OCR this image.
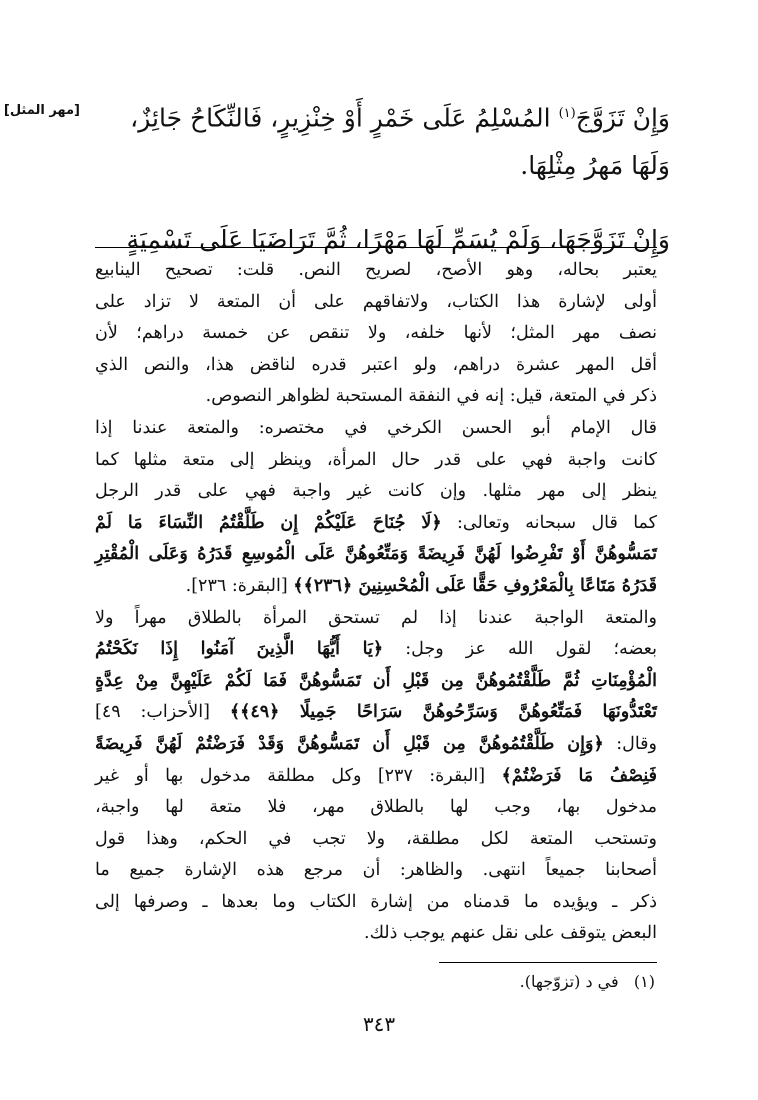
[مهر المثل]	وَإِنْ تَزَوَّجَ$^{(١)}$ المُسْلِمُ عَلَى خَمْرٍ أَوْ خِنْزِيرٍ، فَالنِّكَاحُ جَائِزٌ،
وَلَهَا مَهرُ مِثْلِهَا.
وَإِنْ تَزَوَّجَهَا، وَلَمْ يُسَمِّ لَهَا مَهْرًا، ثُمَّ تَرَاضَيَا عَلَى تَسْمِيَةٍ
يعتبر بحاله، وهو الأصح، لصريح النص. قلت: تصحيح الينابيع
أولى لإشارة هذا الكتاب، ولاتفاقهم على أن المتعة لا تزاد على
نصف مهر المثل؛ لأنها خلفه، ولا تنقص عن خمسة دراهم؛ لأن
أقل المهر عشرة دراهم، ولو اعتبر قدره لناقض هذا، والنص الذي
ذكر في المتعة، قيل: إنه في النفقة المستحبة لظواهر النصوص.
قال الإمام أبو الحسن الكرخي في مختصره: والمتعة عندنا إذا
كانت واجبة فهي على قدر حال المرأة، وينظر إلى متعة مثلها كما
ينظر إلى مهر مثلها. وإن كانت غير واجبة فهي على قدر الرجل
كما قال سبحانه وتعالى: ﴿لَا جُنَاحَ عَلَيْكُمْ إِن طَلَّقْتُمُ النِّسَاءَ مَا لَمْ
تَمَسُّوهُنَّ أَوْ تَفْرِضُوا لَهُنَّ فَرِيضَةً وَمَتِّعُوهُنَّ عَلَى الْمُوسِعِ قَدَرُهُ وَعَلَى الْمُقْتِرِ
قَدَرُهُ مَتَاعًا بِالْمَعْرُوفِ حَقًّا عَلَى الْمُحْسِنِينَ ﴿٢٣٦﴾﴾ [البقرة: ٢٣٦].
والمتعة الواجبة عندنا إذا لم تستحق المرأة بالطلاق مهراً ولا
بعضه؛ لقول الله عز وجل: ﴿يَا أَيُّهَا الَّذِينَ آمَنُوا إِذَا نَكَحْتُمُ
الْمُؤْمِنَاتِ ثُمَّ طَلَّقْتُمُوهُنَّ مِن قَبْلِ أَن تَمَسُّوهُنَّ فَمَا لَكُمْ عَلَيْهِنَّ مِنْ عِدَّةٍ
تَعْتَدُّونَهَا فَمَتِّعُوهُنَّ وَسَرِّحُوهُنَّ سَرَاحًا جَمِيلًا ﴿٤٩﴾﴾ [الأحزاب: ٤٩]
وقال: ﴿وَإِن طَلَّقْتُمُوهُنَّ مِن قَبْلِ أَن تَمَسُّوهُنَّ وَقَدْ فَرَضْتُمْ لَهُنَّ فَرِيضَةً
فَنِصْفُ مَا فَرَضْتُمْ﴾ [البقرة: ٢٣٧] وكل مطلقة مدخول بها أو غير
مدخول بها، وجب لها بالطلاق مهر، فلا متعة لها واجبة،
وتستحب المتعة لكل مطلقة، ولا تجب في الحكم، وهذا قول
أصحابنا جميعاً انتهى. والظاهر: أن مرجع هذه الإشارة جميع ما
ذكر ـ ويؤيده ما قدمناه من إشارة الكتاب وما بعدها ـ وصرفها إلى
البعض يتوقف على نقل عنهم يوجب ذلك.
(١)   في د (تزوّجها).
٣٤٣
